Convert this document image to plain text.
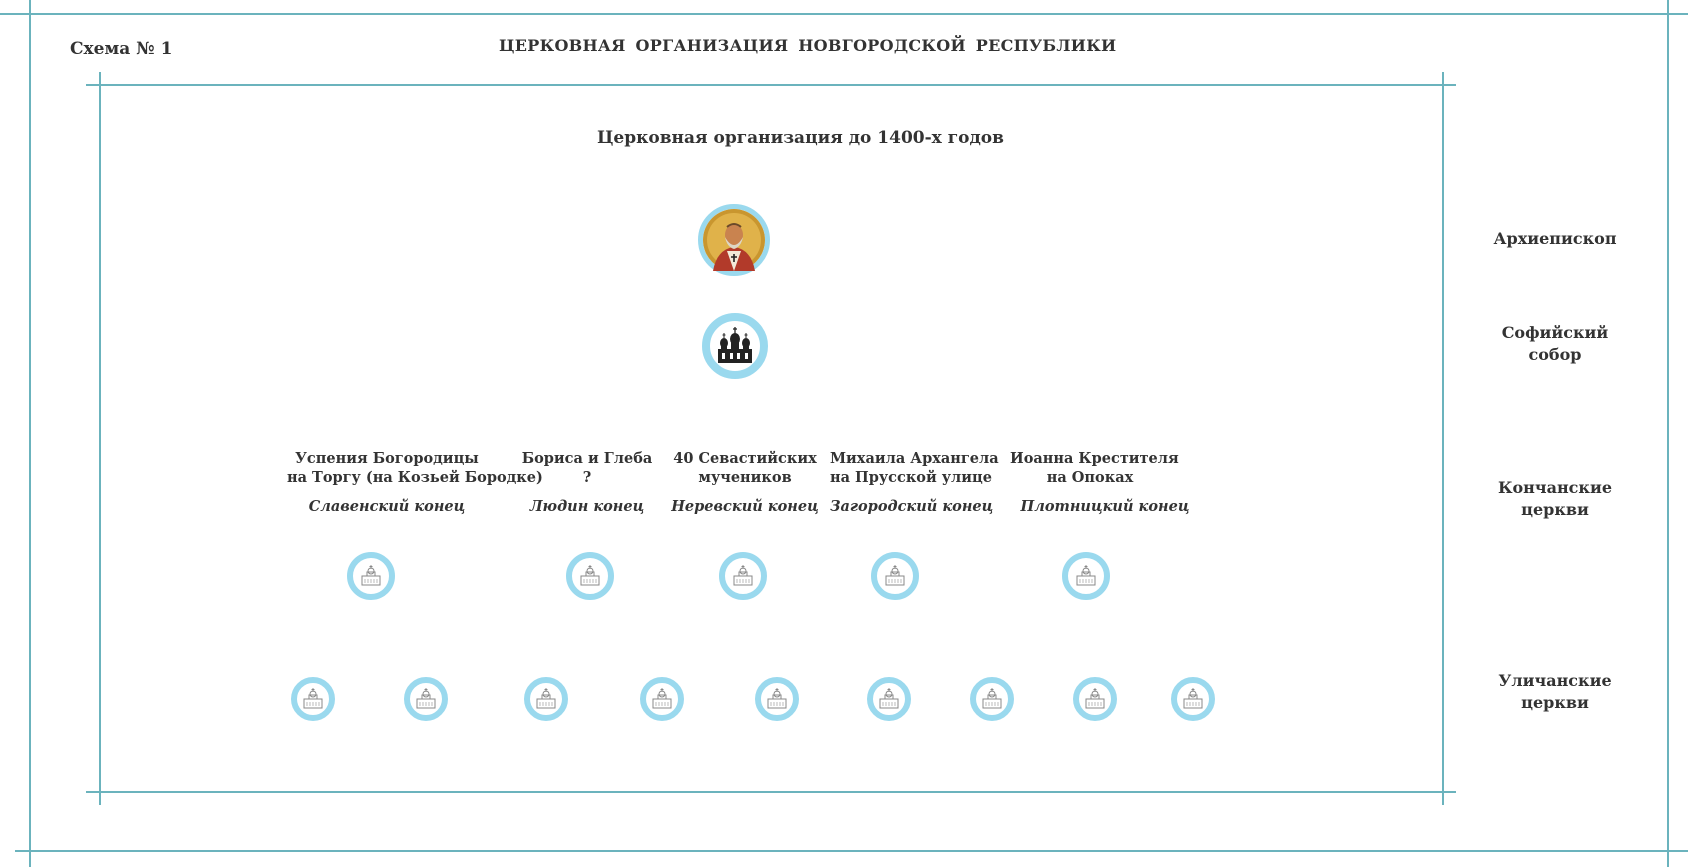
Схема № 1	ЦЕРКОВНАЯ ОРГАНИЗАЦИЯ НОВГОРОДСКОЙ РЕСПУБЛИКИ
Церковная организация до 1400-х годов
Архиепископ
Софийский
собор
Кончанские
церкви
Уличанские
церкви
Успения Богородицы
на Торгу (на Козьей Бородке)
Славенский конец
Бориса и Глеба
?
Людин конец
40 Севастийских
мучеников
Неревский конец
Михаила Архангела
на Прусской улице
Загородский конец
Иоанна Крестителя
на Опоках
Плотницкий конец
